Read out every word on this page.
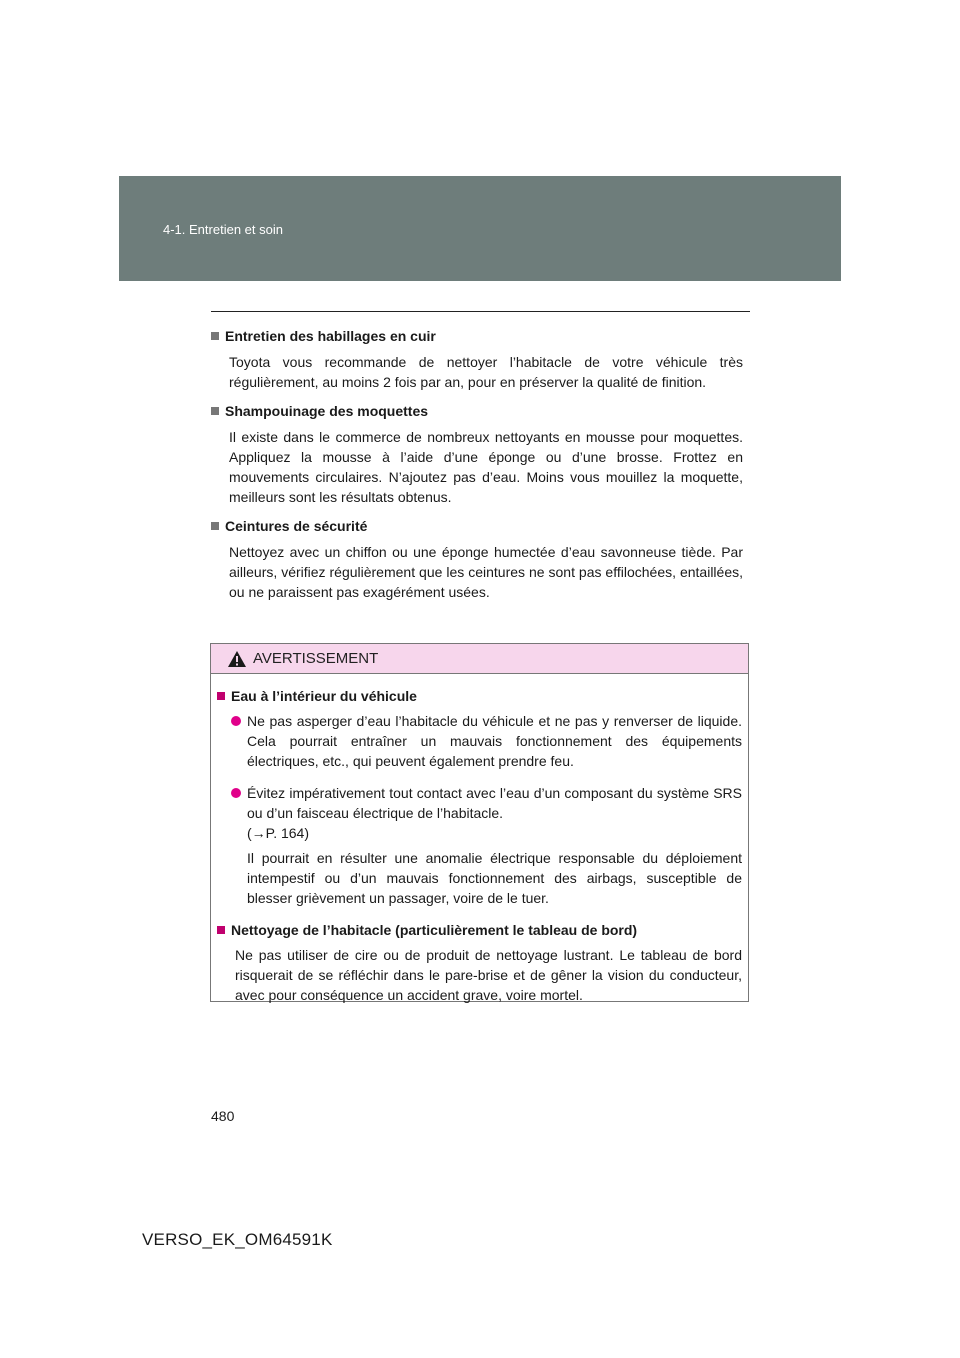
4-1. Entretien et soin
Entretien des habillages en cuir

Toyota vous recommande de nettoyer l’habitacle de votre véhicule très régulièrement, au moins 2 fois par an, pour en préserver la qualité de finition.

Shampouinage des moquettes

Il existe dans le commerce de nombreux nettoyants en mousse pour moquettes. Appliquez la mousse à l’aide d’une éponge ou d’une brosse. Frottez en mouvements circulaires. N’ajoutez pas d’eau. Moins vous mouillez la moquette, meilleurs sont les résultats obtenus.

Ceintures de sécurité

Nettoyez avec un chiffon ou une éponge humectée d’eau savonneuse tiède. Par ailleurs, vérifiez régulièrement que les ceintures ne sont pas effilochées, entaillées, ou ne paraissent pas exagérément usées.

AVERTISSEMENT
Eau à l’intérieur du véhicule

Ne pas asperger d’eau l’habitacle du véhicule et ne pas y renverser de liquide. Cela pourrait entraîner un mauvais fonctionnement des équipements électriques, etc., qui peuvent également prendre feu.

Évitez impérativement tout contact avec l’eau d’un composant du système SRS ou d’un faisceau électrique de l’habitacle.

(→P. 164)

Il pourrait en résulter une anomalie électrique responsable du déploiement intempestif ou d’un mauvais fonctionnement des airbags, susceptible de blesser grièvement un passager, voire de le tuer.

Nettoyage de l’habitacle (particulièrement le tableau de bord)

Ne pas utiliser de cire ou de produit de nettoyage lustrant. Le tableau de bord risquerait de se réfléchir dans le pare-brise et de gêner la vision du conducteur, avec pour conséquence un accident grave, voire mortel.

480
VERSO_EK_OM64591K
